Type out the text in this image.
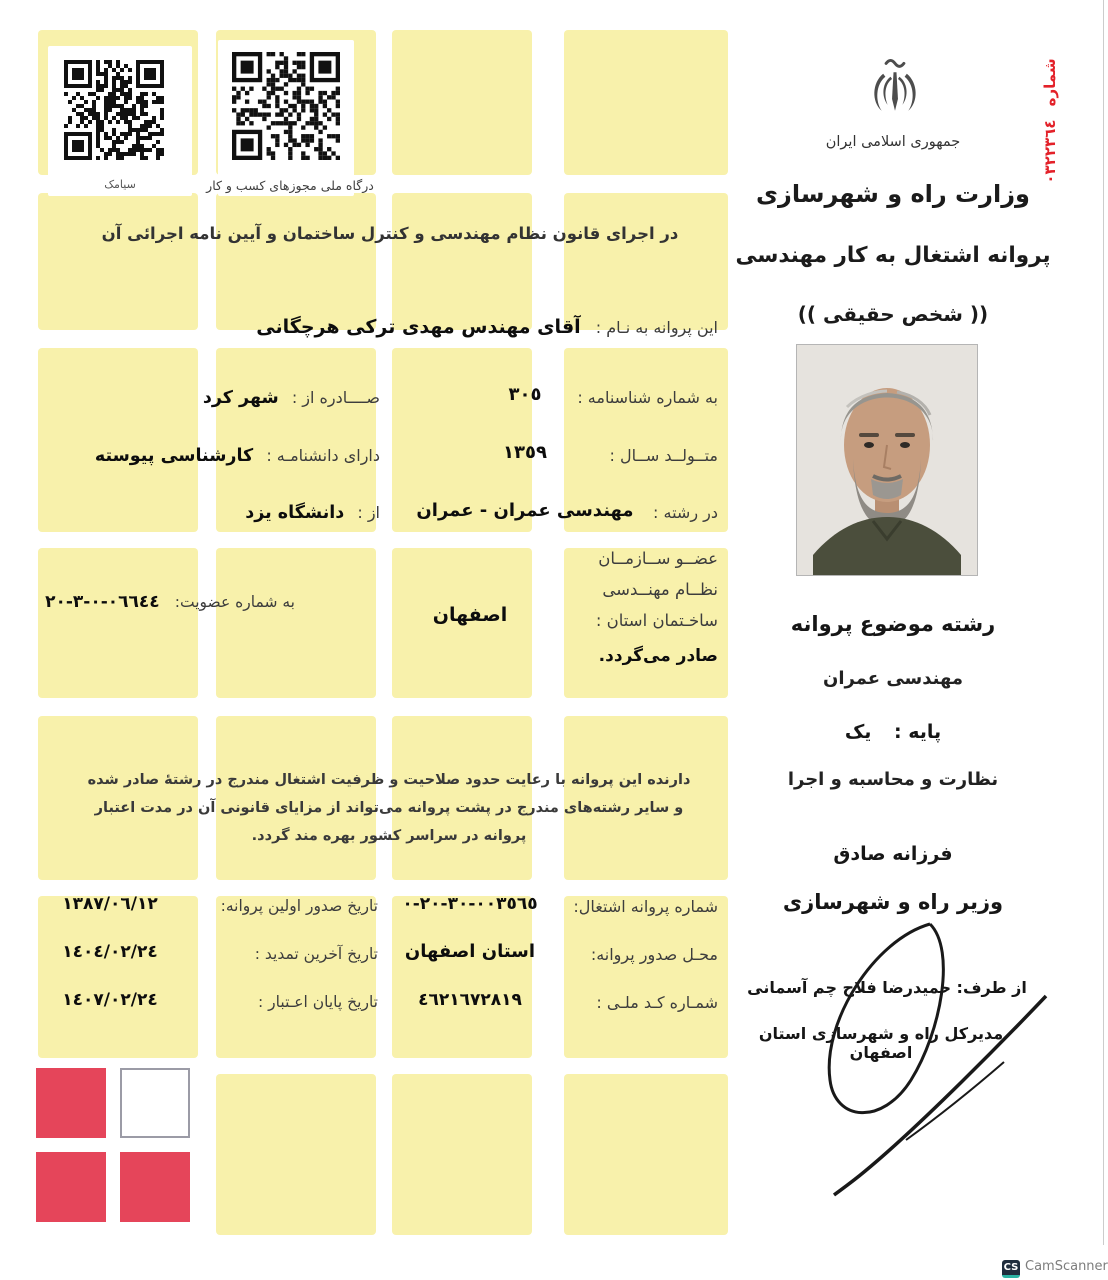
سیامک	درگاه ملی مجوزهای کسب و کار
در اجرای قانون نظام مهندسی و کنترل ساختمان و آیین نامه اجرائی آن
این پروانه به نـام : آقای مهندس مهدی ترکی هرچگانی
به شماره شناسنامه :
٣٠٥
صــــادره از : شهر کرد
متــولــد ســال :
١٣٥٩
دارای دانشنامـه : کارشناسی پیوسته
در رشته :
مهندسی عمران - عمران
از : دانشگاه یزد
عضــو ســازمــان
نظــام مهنــدسی
ساخـتمان استان :
اصفهان
صادر می‌گردد.
به شماره عضویت: ٢٠-٣-٠-٠٦٦٤٤
دارنده این پروانه با رعایت حدود صلاحیت و ظرفیت اشتغال مندرج در رشتهٔ صادر شده
و سایر رشته‌های مندرج در پشت پروانه می‌تواند از مزایای قانونی آن در مدت اعتبار
پروانه در سراسر کشور بهره مند گردد.
شماره پروانه اشتغال:
٠-٢٠-٣٠-٠٠٣٥٦٥
تاریخ صدور اولین پروانه:
١٣٨٧/٠٦/١٢
محـل صدور پروانه:
استان اصفهان
تاریخ آخرین تمدید :
١٤٠٤/٠٢/٢٤
شمـاره کـد ملـی :
٤٦٢١٦٧٢٨١٩
تاریخ پایان اعـتبار :
١٤٠٧/٠٢/٢٤
شماره ٠٣٢٢٣٦٤
جمهوری اسلامی ایران
وزارت راه و شهرسازی
پروانه اشتغال به کار مهندسی
(( شخص حقیقی ))
رشته موضوع پروانه
مهندسی عمران
پایه : یک
نظارت و محاسبه و اجرا
فرزانه صادق
وزیر راه و شهرسازی
از طرف: حمیدرضا فلاح چم آسمانی
مدیرکل راه و شهرسازی استان اصفهان
CS CamScanner
